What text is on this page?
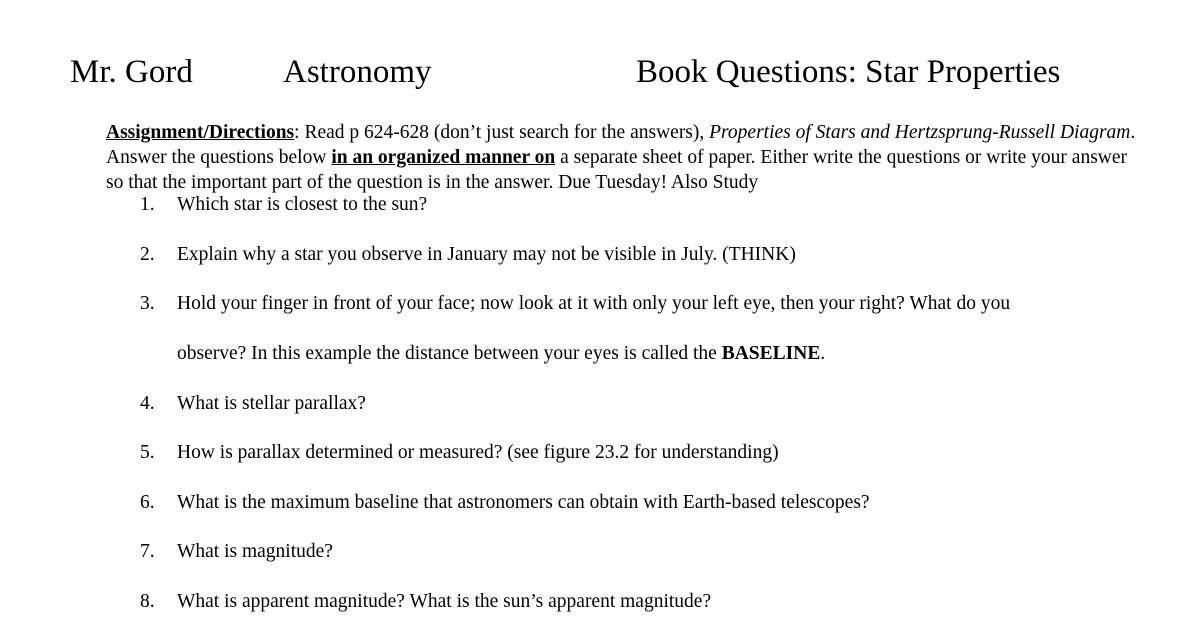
Mr. Gord	Astronomy	Book Questions: Star Properties
Assignment/Directions: Read p 624-628 (don’t just search for the answers), Properties of Stars and Hertzsprung-Russell Diagram. Answer the questions below in an organized manner on a separate sheet of paper. Either write the questions or write your answer so that the important part of the question is in the answer. Due Tuesday! Also Study
1.	Which star is closest to the sun?
2.	Explain why a star you observe in January may not be visible in July. (THINK)
3.	Hold your finger in front of your face; now look at it with only your left eye, then your right? What do you
observe? In this example the distance between your eyes is called the BASELINE.
4.	What is stellar parallax?
5.	How is parallax determined or measured? (see figure 23.2 for understanding)
6.	What is the maximum baseline that astronomers can obtain with Earth-based telescopes?
7.	What is magnitude?
8.	What is apparent magnitude? What is the sun’s apparent magnitude?
